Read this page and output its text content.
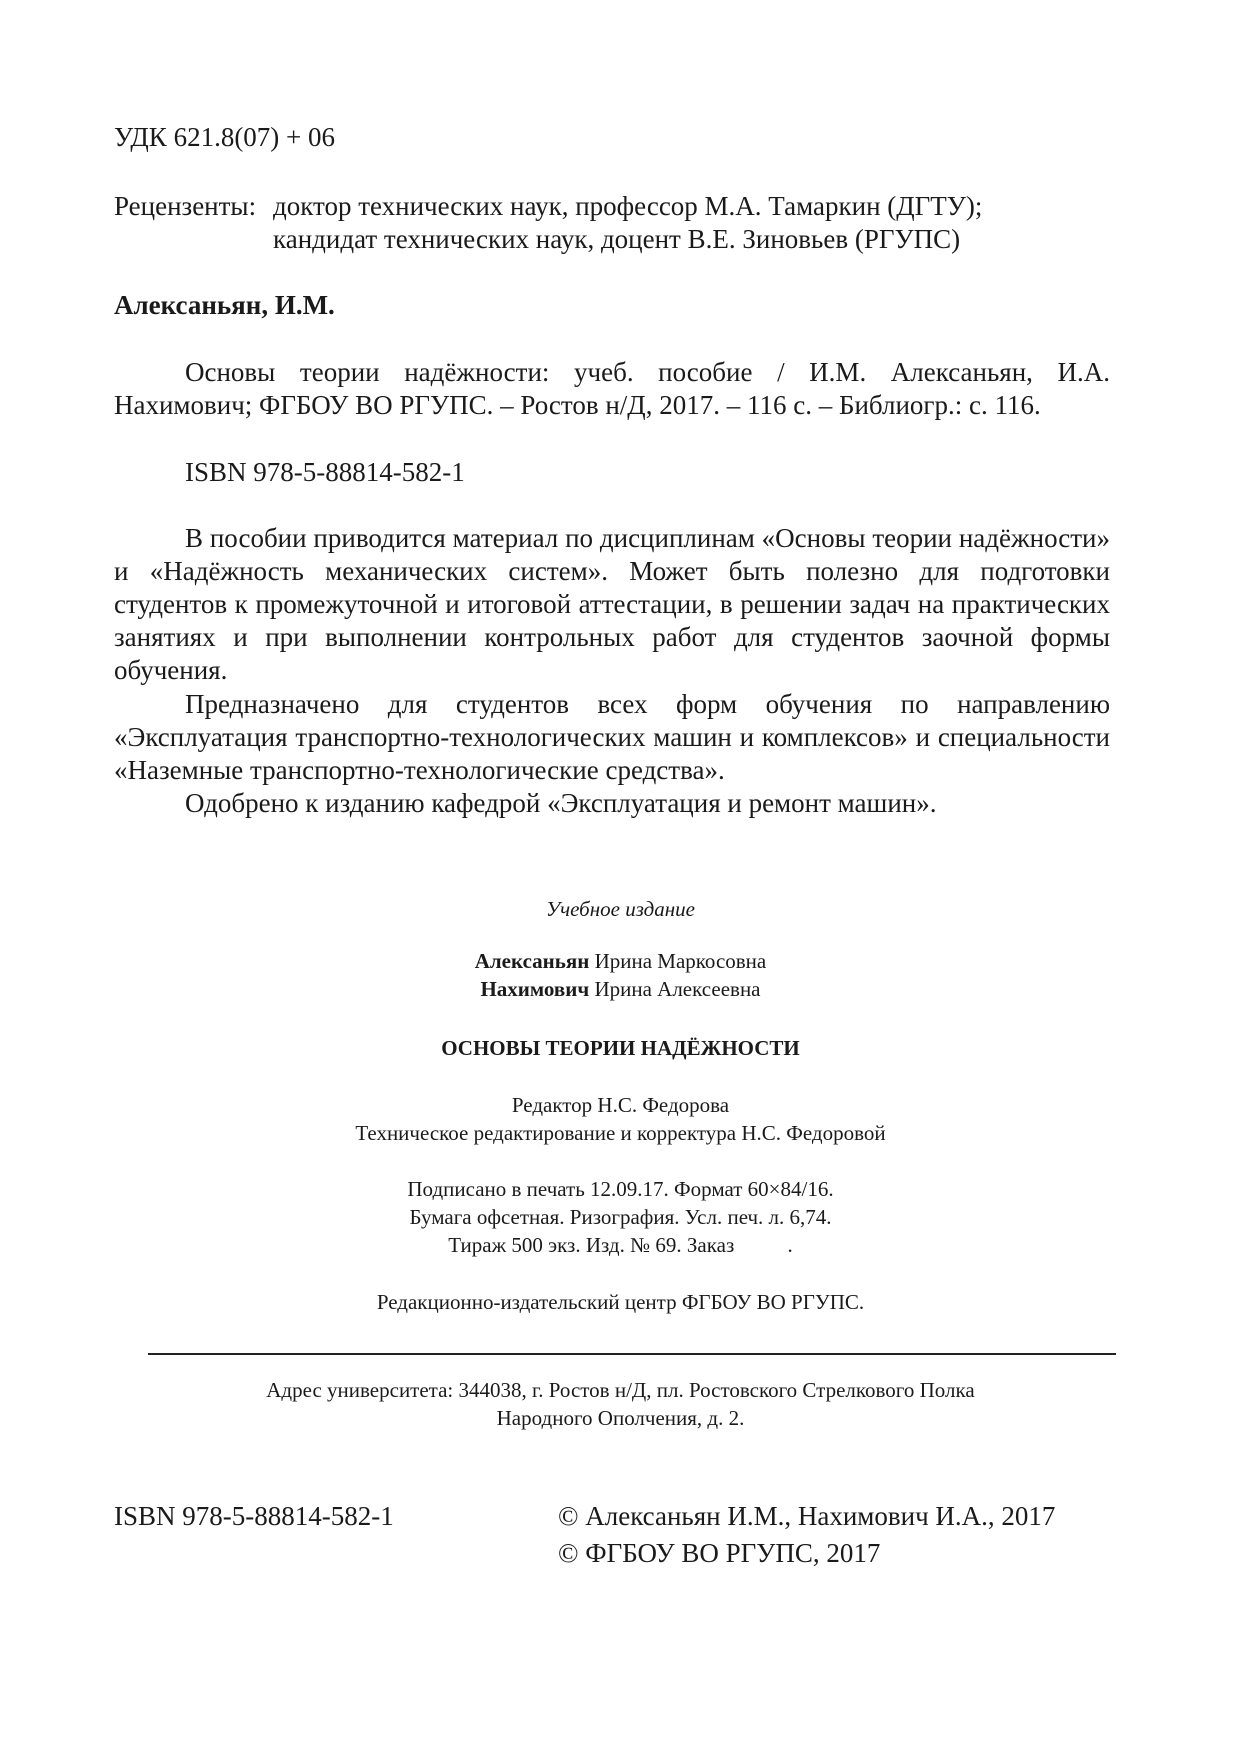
УДК 621.8(07) + 06
Рецензенты: доктор технических наук, профессор М.А. Тамаркин (ДГТУ);
кандидат технических наук, доцент В.Е. Зиновьев (РГУПС)
Алексаньян, И.М.

Основы теории надёжности: учеб. пособие / И.М. Алексаньян, И.А. Нахимович; ФГБОУ ВО РГУПС. – Ростов н/Д, 2017. – 116 с. – Библиогр.: с. 116.

ISBN 978-5-88814-582-1

В пособии приводится материал по дисциплинам «Основы теории надёжности» и «Надёжность механических систем». Может быть полезно для подготовки студентов к промежуточной и итоговой аттестации, в решении задач на практических занятиях и при выполнении контрольных работ для студентов заочной формы обучения.

Предназначено для студентов всех форм обучения по направлению «Эксплуатация транспортно-технологических машин и комплексов» и специальности «Наземные транспортно-технологические средства».

Одобрено к изданию кафедрой «Эксплуатация и ремонт машин».

Учебное издание
Алексаньян Ирина Маркосовна
Нахимович Ирина Алексеевна
ОСНОВЫ ТЕОРИИ НАДЁЖНОСТИ
Редактор Н.С. Федорова
Техническое редактирование и корректура Н.С. Федоровой
Подписано в печать 12.09.17. Формат 60×84/16.
Бумага офсетная. Ризография. Усл. печ. л. 6,74.
Тираж 500 экз. Изд. № 69. Заказ	.
Редакционно-издательский центр ФГБОУ ВО РГУПС.
Адрес университета: 344038, г. Ростов н/Д, пл. Ростовского Стрелкового Полка
Народного Ополчения, д. 2.
ISBN 978-5-88814-582-1	© Алексаньян И.М., Нахимович И.А., 2017
© ФГБОУ ВО РГУПС, 2017
